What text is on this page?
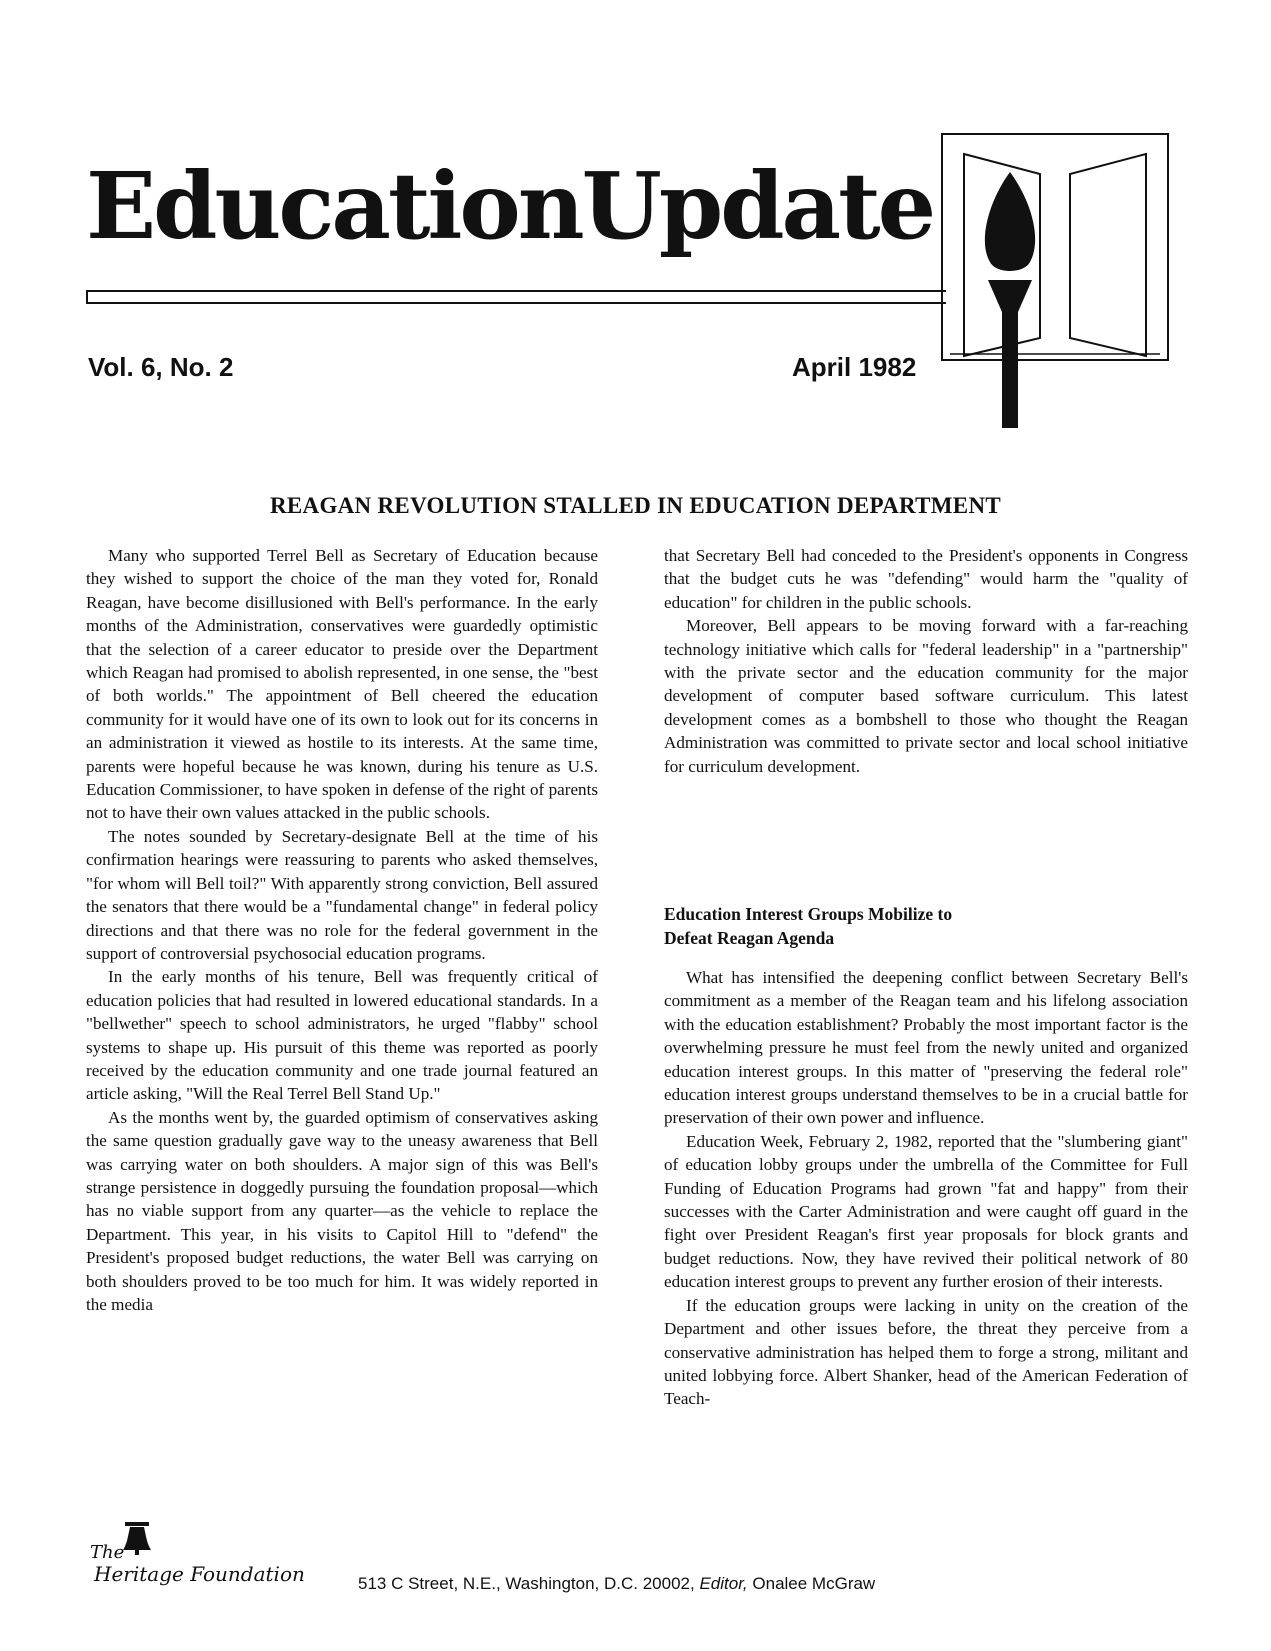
EducationUpdate
Vol. 6, No. 2	April 1982
REAGAN REVOLUTION STALLED IN EDUCATION DEPARTMENT

Many who supported Terrel Bell as Secretary of Education because they wished to support the choice of the man they voted for, Ronald Reagan, have become disillusioned with Bell's performance. In the early months of the Administration, conservatives were guardedly optimistic that the selection of a career educator to preside over the Department which Reagan had promised to abolish represented, in one sense, the "best of both worlds." The appointment of Bell cheered the education community for it would have one of its own to look out for its concerns in an administration it viewed as hostile to its interests. At the same time, parents were hopeful because he was known, during his tenure as U.S. Education Commissioner, to have spoken in defense of the right of parents not to have their own values attacked in the public schools.

The notes sounded by Secretary-designate Bell at the time of his confirmation hearings were reassuring to parents who asked themselves, "for whom will Bell toil?" With apparently strong conviction, Bell assured the senators that there would be a "fundamental change" in federal policy directions and that there was no role for the federal government in the support of controversial psychosocial education programs.

In the early months of his tenure, Bell was frequently critical of education policies that had resulted in lowered educational standards. In a "bellwether" speech to school administrators, he urged "flabby" school systems to shape up. His pursuit of this theme was reported as poorly received by the education community and one trade journal featured an article asking, "Will the Real Terrel Bell Stand Up."

As the months went by, the guarded optimism of conservatives asking the same question gradually gave way to the uneasy awareness that Bell was carrying water on both shoulders. A major sign of this was Bell's strange persistence in doggedly pursuing the foundation proposal—which has no viable support from any quarter—as the vehicle to replace the Department. This year, in his visits to Capitol Hill to "defend" the President's proposed budget reductions, the water Bell was carrying on both shoulders proved to be too much for him. It was widely reported in the media

that Secretary Bell had conceded to the President's opponents in Congress that the budget cuts he was "defending" would harm the "quality of education" for children in the public schools.

Moreover, Bell appears to be moving forward with a far-reaching technology initiative which calls for "federal leadership" in a "partnership" with the private sector and the education community for the major development of computer based software curriculum. This latest development comes as a bombshell to those who thought the Reagan Administration was committed to private sector and local school initiative for curriculum development.

Education Interest Groups Mobilize to
Defeat Reagan Agenda

What has intensified the deepening conflict between Secretary Bell's commitment as a member of the Reagan team and his lifelong association with the education establishment? Probably the most important factor is the overwhelming pressure he must feel from the newly united and organized education interest groups. In this matter of "preserving the federal role" education interest groups understand themselves to be in a crucial battle for preservation of their own power and influence.

Education Week, February 2, 1982, reported that the "slumbering giant" of education lobby groups under the umbrella of the Committee for Full Funding of Education Programs had grown "fat and happy" from their successes with the Carter Administration and were caught off guard in the fight over President Reagan's first year proposals for block grants and budget reductions. Now, they have revived their political network of 80 education interest groups to prevent any further erosion of their interests.

If the education groups were lacking in unity on the creation of the Department and other issues before, the threat they perceive from a conservative administration has helped them to forge a strong, militant and united lobbying force. Albert Shanker, head of the American Federation of Teach-

The
Heritage Foundation	513 C Street, N.E., Washington, D.C. 20002, Editor, Onalee McGraw
